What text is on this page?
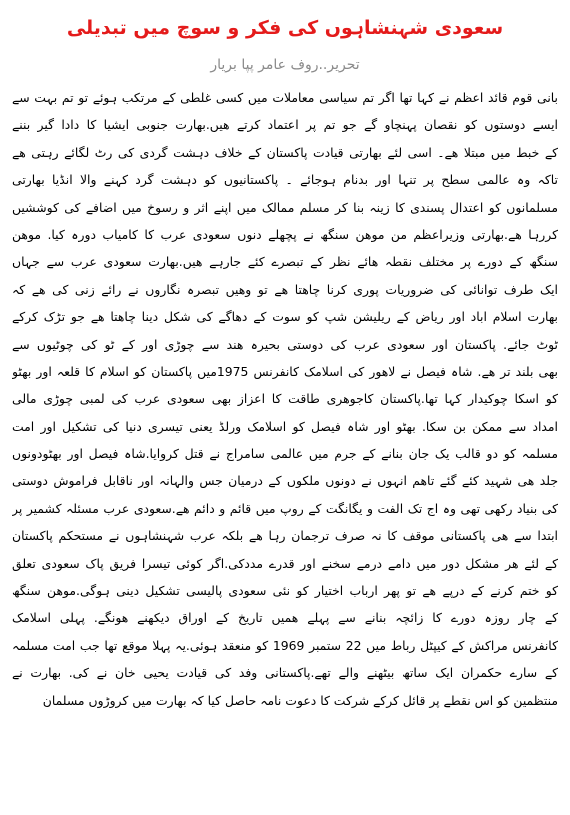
سعودی شہنشاہوں کی فکر و سوچ میں تبدیلی
تحریر..روف عامر پپا بریار
بانی قوم قائد اعظم نے کہا تھا اگر تم سیاسی معاملات میں کسی غلطی کے مرتکب ہوئے تو تم بہت سے
ایسے دوستوں کو نقصان پہنچاو گے جو تم پر اعتماد کرتے ھیں.بھارت جنوبی ایشیا کا دادا گیر بننے
کے خبط میں مبتلا ھے۔ اسی لئے بھارتی قیادت پاکستان کے خلاف دہشت گردی کی رٹ لگائے رہتی ھے
تاکہ وہ عالمی سطح پر تنہا اور بدنام ہوجائے ۔ پاکستانیوں کو دہشت گرد کہنے والا انڈیا بھارتی
مسلمانوں کو اعتدال پسندی کا زینہ بنا کر مسلم ممالک میں اپنے اثر و رسوخ میں اضافے کی کوششیں
کررہا ھے.بھارتی وزیراعظم من موھن سنگھ نے پچھلے دنوں سعودی عرب کا کامیاب دورہ کیا. موھن
سنگھ کے دورے پر مختلف نقطہ ھائے نظر کے تبصرے کئے جارہے ھیں.بھارت سعودی عرب سے جہاں
ایک طرف توانائی کی ضروریات پوری کرنا چاھتا ھے تو وھیں تبصرہ نگاروں نے رائے زنی کی ھے کہ
بھارت اسلام اباد اور ریاض کے ریلیشن شپ کو سوت کے دھاگے کی شکل دینا چاھتا ھے جو تڑک کرکے
ٹوٹ جائے. پاکستان اور سعودی عرب کی دوستی بحیرہ ھند سے چوڑی اور کے ٹو کی چوٹیوں سے
بھی بلند تر ھے. شاہ فیصل نے لاھور کی اسلامک کانفرنس 1975میں پاکستان کو اسلام کا قلعہ اور بھٹو
کو اسکا چوکیدار کہا تھا.پاکستان کاجوھری طاقت کا اعزاز بھی سعودی عرب کی لمبی چوڑی مالی
امداد سے ممکن بن سکا. بھٹو اور شاہ فیصل کو اسلامک ورلڈ یعنی تیسری دنیا کی تشکیل اور امت
مسلمہ کو دو قالب یک جان بنانے کے جرم میں عالمی سامراج نے قتل کروایا.شاہ فیصل اور بھٹودونوں
جلد ھی شہید کئے گئے تاھم انہوں نے دونوں ملکوں کے درمیان جس والہانہ اور ناقابل فراموش دوستی
کی بنیاد رکھی تھی وہ اج تک الفت و یگانگت کے روپ میں قائم و دائم ھے.سعودی عرب مسئلہ کشمیر پر
ابتدا سے ھی پاکستانی موقف کا نہ صرف ترجمان رہا ھے بلکہ عرب شہنشاہوں نے مستحکم پاکستان
کے لئے ھر مشکل دور میں دامے درمے سخنے اور قدرے مددکی.اگر کوئی تیسرا فریق پاک سعودی تعلق
کو ختم کرنے کے درپے ھے تو پھر ارباب اختیار کو نئی سعودی پالیسی تشکیل دینی ہوگی.موھن سنگھ
کے چار روزہ دورے کا زائچہ بنانے سے پہلے ھمیں تاریخ کے اوراق دیکھنے ھونگے. پہلی اسلامک
کانفرنس مراکش کے کیپٹل رباط میں 22 ستمبر 1969 کو منعقد ہوئی.یہ پہلا موقع تھا جب امت مسلمہ
کے سارے حکمران ایک ساتھ بیٹھنے والے تھے.پاکستانی وفد کی قیادت یحیی خان نے کی. بھارت نے
منتظمین کو اس نقطے پر قائل کرکے شرکت کا دعوت نامہ حاصل کیا کہ بھارت میں کروڑوں مسلمان
